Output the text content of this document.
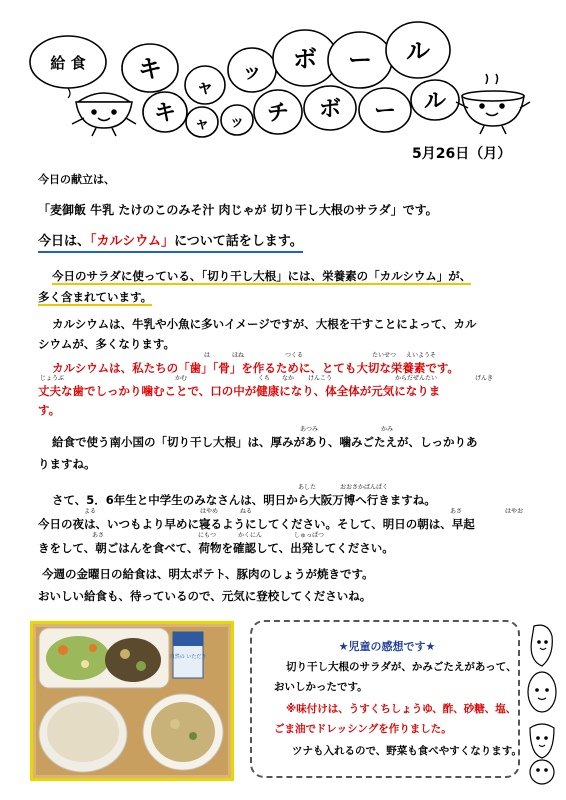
給 食 キ
ャ
ッ ボ ー ル
キ ャ ッ チ ボ ー ル
5月26日（月）
今日の献立は、
「麦御飯 牛乳 たけのこのみそ汁 肉じゃが 切り干し大根のサラダ」です。
今日は、「カルシウム」について話をします。
今日のサラダに使っている、「切り干し大根」には、栄養素の「カルシウム」が、
多く含まれています。
カルシウムは、牛乳や小魚に多いイメージですが、大根を干すことによって、カル
シウムが、多くなります。
は	ほね	つくる	たいせつ えいようそ
カルシウムは、私たちの「歯」「骨」を作るために、とても大切な栄養素です。
じょうぶ	かむ	くち なか けんこう	からだぜんたい	げんき
丈夫な歯でしっかり噛むことで、口の中が健康になり、体全体が元気になりま
す。
あつみ	かみ
給食で使う南小国の「切り干し大根」は、厚みがあり、噛みごたえが、しっかりあ
りますね。
あした	おおさかばんぱく
さて、5．6年生と中学生のみなさんは、明日から大阪万博へ行きますね。
よる	はやめ	ねる	あさ	はやお
今日の夜は、いつもより早めに寝るようにしてください。そして、明日の朝は、早起
あさ	にもつ	かくにん	しゅっぱつ
きをして、朝ごはんを食べて、荷物を確認して、出発してください。
今週の金曜日の給食は、明太ポテト、豚肉のしょうが焼きです。
おいしい給食も、待っているので、元気に登校してくださいね。
自然の いただき
★児童の感想です★
切り干し大根のサラダが、かみごたえがあって、
おいしかったです。
※味付けは、うすくちしょうゆ、酢、砂糖、塩、
ごま油でドレッシングを作りました。
ツナも入れるので、野菜も食べやすくなります。
